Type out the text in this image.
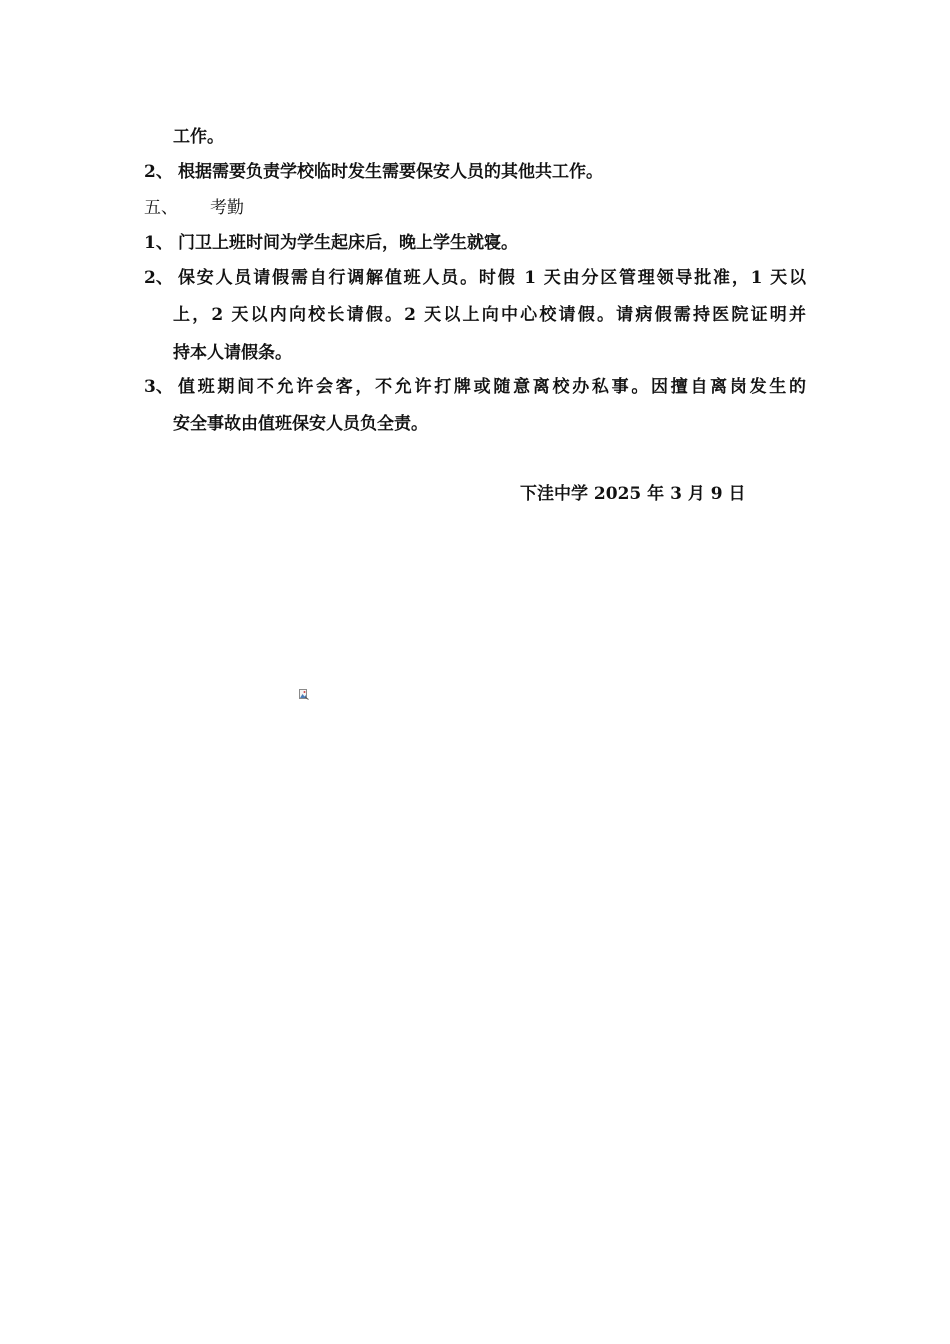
工作。
2、 根据需要负责学校临时发生需要保安人员的其他共工作。
五、 考勤
1、 门卫上班时间为学生起床后，晚上学生就寝。
2、 保安人员请假需自行调解值班人员。时假 1 天由分区管理领导批准，1 天以
上，2 天以内向校长请假。2 天以上向中心校请假。请病假需持医院证明并
持本人请假条。
3、 值班期间不允许会客，不允许打牌或随意离校办私事。因擅自离岗发生的
安全事故由值班保安人员负全责。
下洼中学 2025 年 3 月 9 日
